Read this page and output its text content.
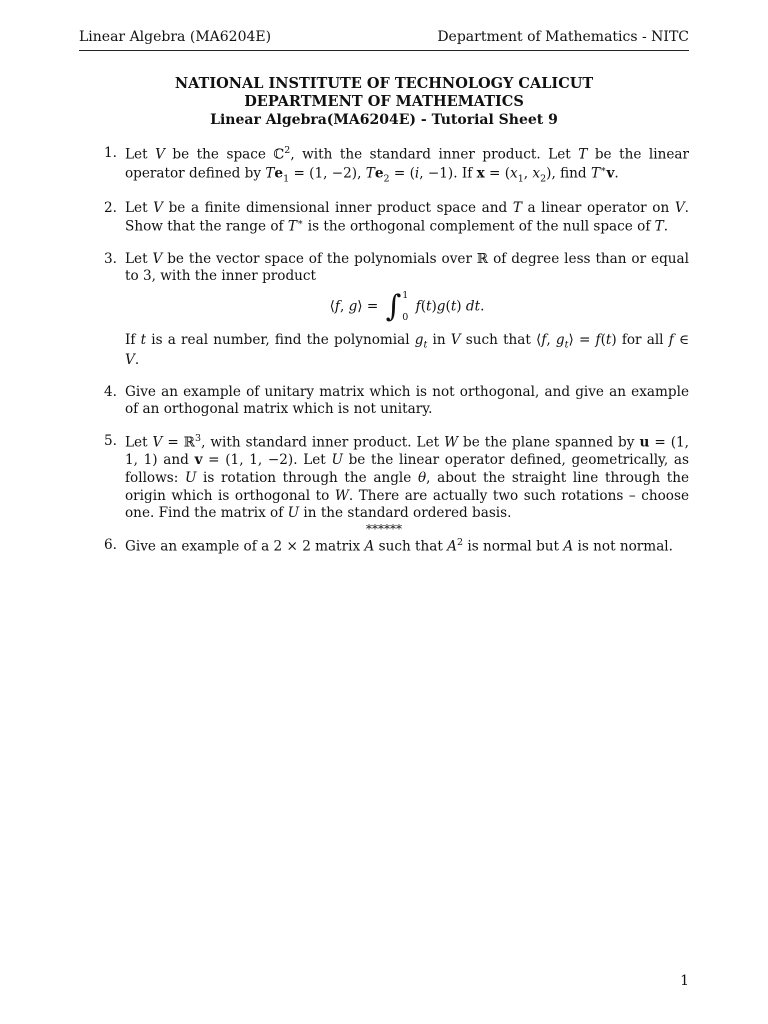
Linear Algebra (MA6204E)	Department of Mathematics - NITC
NATIONAL INSTITUTE OF TECHNOLOGY CALICUT
DEPARTMENT OF MATHEMATICS
Linear Algebra(MA6204E) - Tutorial Sheet 9
1. Let V be the space ℂ$^2$, with the standard inner product. Let T be the linear operator defined by $Te_1 = (1$, −2), $Te_2 = (i$, −1). If $x = (x_1$, $x_2$), find T∗v.
2. Let V be a finite dimensional inner product space and T a linear operator on V. Show that the range of T∗ is the orthogonal complement of the null space of T.
3. Let V be the vector space of the polynomials over ℝ of degree less than or equal to 3, with the inner product
⟨f, g⟩ = ∫ 1
0
f(t)g(t) dt.
If t is a real number, find the polynomial $g_t$ in V such that ⟨f, $g_t⟩ = f(t)$ for all f ∈ V.
4. Give an example of unitary matrix which is not orthogonal, and give an example of an orthogonal matrix which is not unitary.
5. Let V = ℝ$^3$, with standard inner product. Let W be the plane spanned by u = (1, 1, 1) and v = (1, 1, −2). Let U be the linear operator defined, geometrically, as follows: U is rotation through the angle θ, about the straight line through the origin which is orthogonal to W. There are actually two such rotations – choose one. Find the matrix of U in the standard ordered basis.
6. Give an example of a 2 × 2 matrix A such that $A^2$ is normal but A is not normal.
******
1
